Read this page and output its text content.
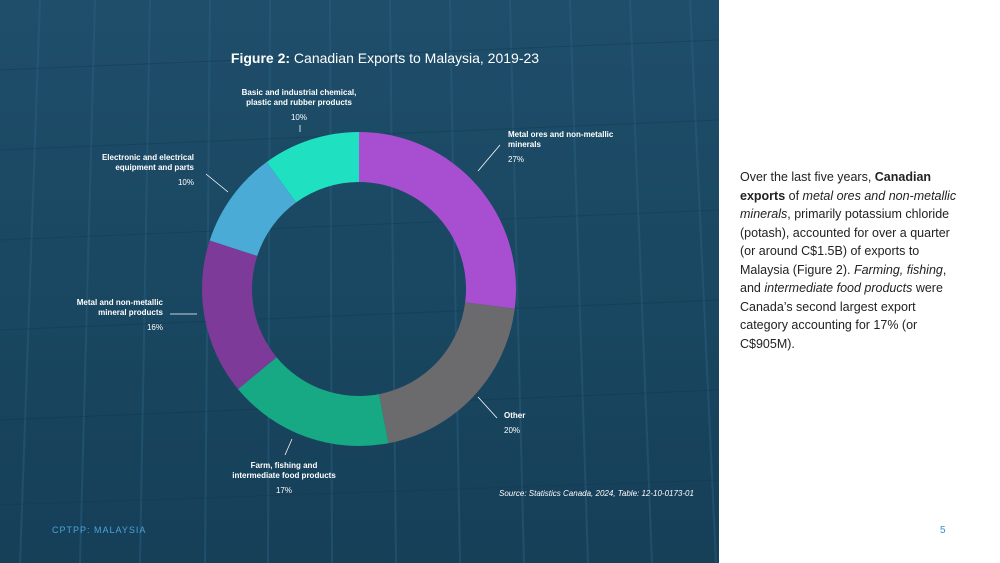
Figure 2: Canadian Exports to Malaysia, 2019-23
Metal ores and non-metallic
minerals
27%
Other
20%
Farm, fishing and
intermediate food products
17%
Metal and non-metallic
mineral products
16%
Electronic and electrical
equipment and parts
10%
Basic and industrial chemical,
plastic and rubber products
10%
Source: Statistics Canada, 2024, Table: 12-10-0173-01
CPTPP: MALAYSIA
Over the last five years, Canadian exports of metal ores and non-metallic minerals, primarily potassium chloride (potash), accounted for over a quarter (or around C$1.5B) of exports to Malaysia (Figure 2). Farming, fishing, and intermediate food products were Canada’s second largest export category accounting for 17% (or C$905M).
5
